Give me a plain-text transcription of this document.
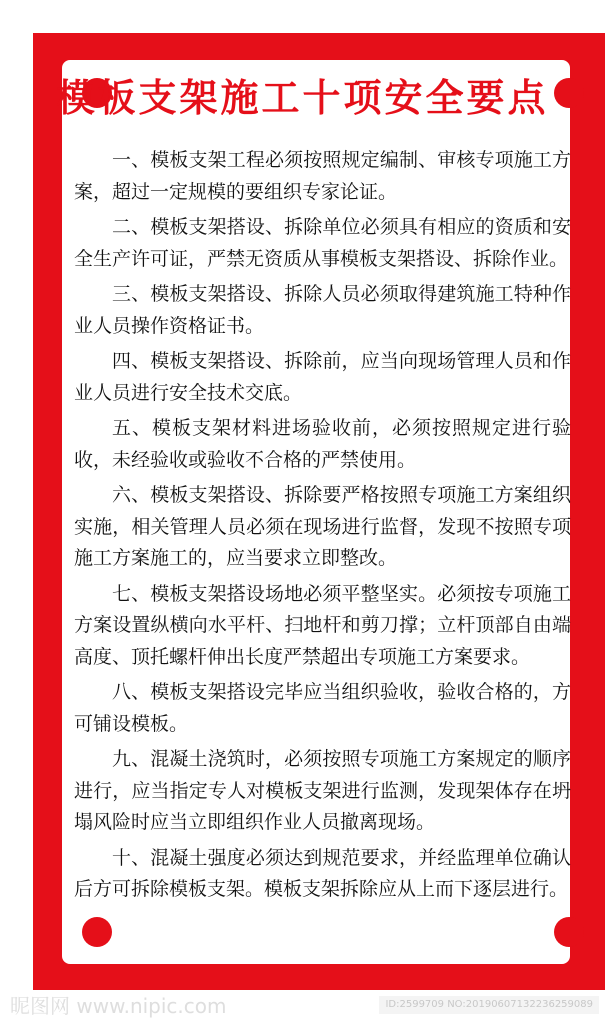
模板支架施工十项安全要点

一、模板支架工程必须按照规定编制、审核专项施工方案，超过一定规模的要组织专家论证。

二、模板支架搭设、拆除单位必须具有相应的资质和安全生产许可证，严禁无资质从事模板支架搭设、拆除作业。

三、模板支架搭设、拆除人员必须取得建筑施工特种作业人员操作资格证书。

四、模板支架搭设、拆除前，应当向现场管理人员和作业人员进行安全技术交底。

五、模板支架材料进场验收前，必须按照规定进行验收，未经验收或验收不合格的严禁使用。

六、模板支架搭设、拆除要严格按照专项施工方案组织实施，相关管理人员必须在现场进行监督，发现不按照专项施工方案施工的，应当要求立即整改。

七、模板支架搭设场地必须平整坚实。必须按专项施工方案设置纵横向水平杆、扫地杆和剪刀撑；立杆顶部自由端高度、顶托螺杆伸出长度严禁超出专项施工方案要求。

八、模板支架搭设完毕应当组织验收，验收合格的，方可铺设模板。

九、混凝土浇筑时，必须按照专项施工方案规定的顺序进行，应当指定专人对模板支架进行监测，发现架体存在坍塌风险时应当立即组织作业人员撤离现场。

十、混凝土强度必须达到规范要求，并经监理单位确认后方可拆除模板支架。模板支架拆除应从上而下逐层进行。

昵图网 www.nipic.com	ID:2599709 NO:20190607132236259089
